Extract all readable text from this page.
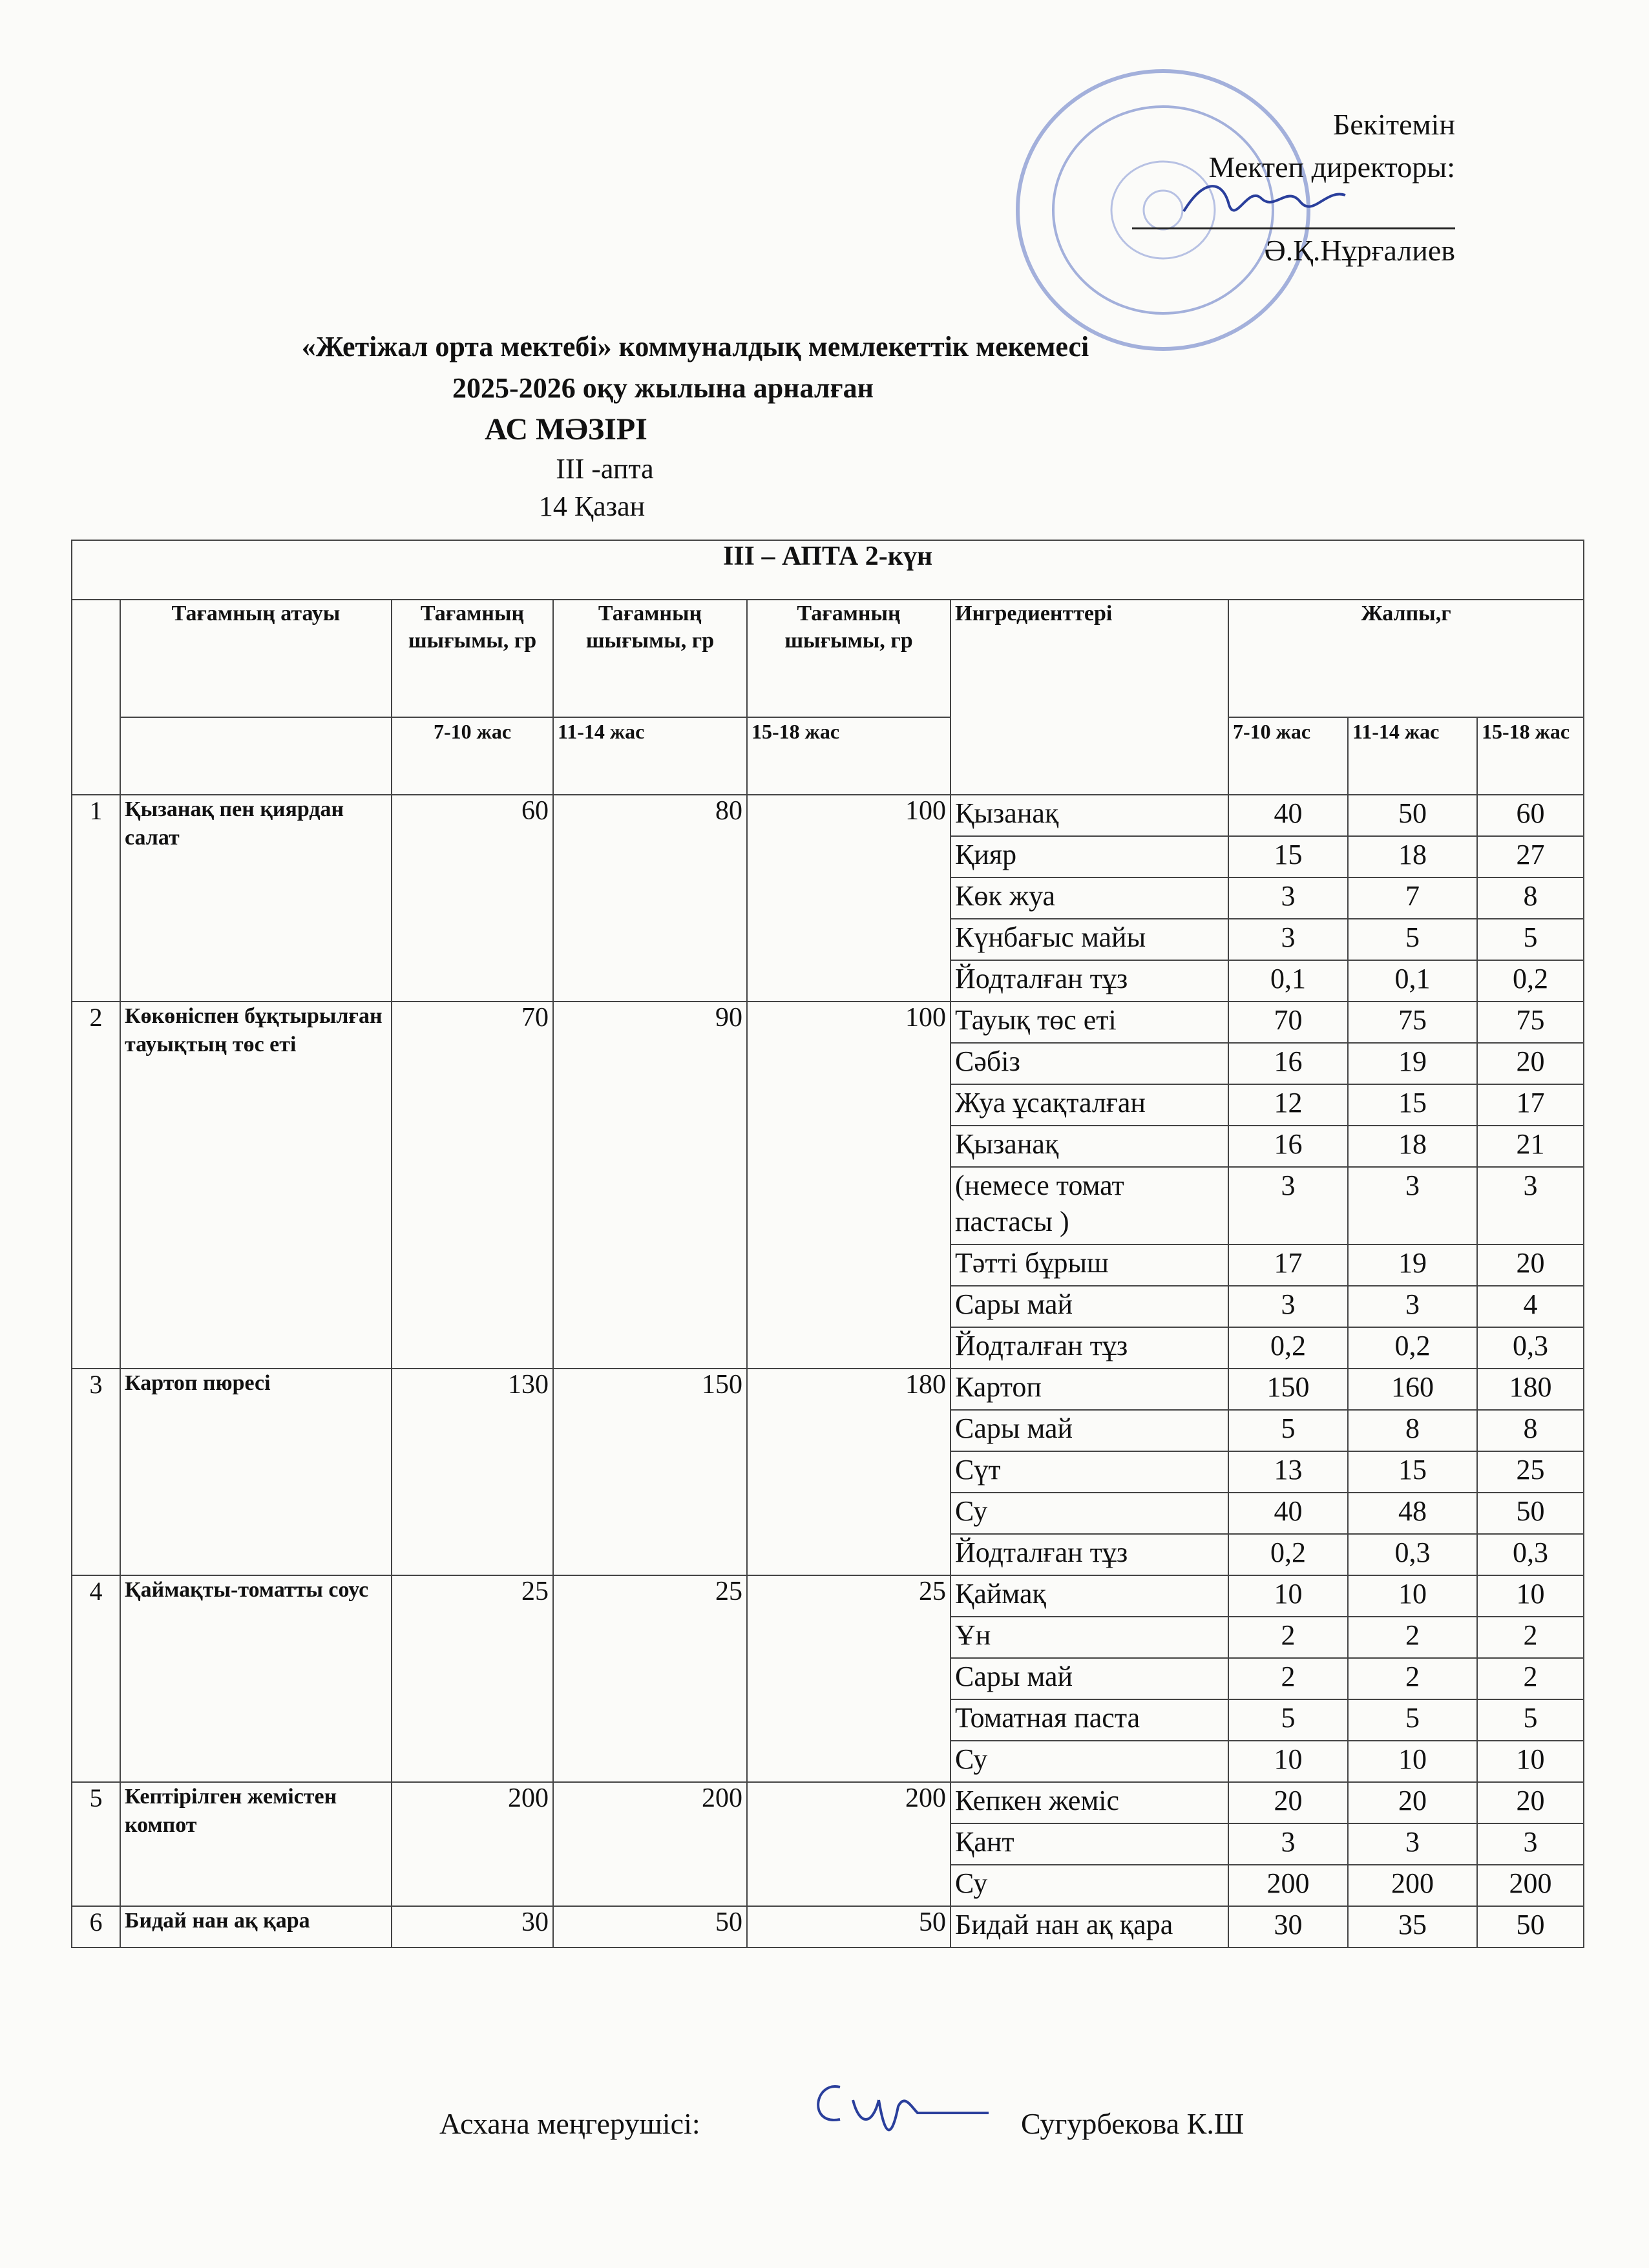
Бекітемін
Мектеп директоры:
Ә.Қ.Нұрғалиев
«Жетіжал орта мектебі» коммуналдық мемлекеттік мекемесі
2025-2026 оқу жылына арналған
АС МӘЗІРІ
III -апта
14 Қазан
III – АПТА 2-күн								
	Тағамның атауы	Тағамның шығымы, гр	Тағамның шығымы, гр	Тағамның шығымы, гр	Ингредиенттері	Жалпы,г		
		7-10 жас	11-14 жас	15-18 жас		7-10 жас	11-14 жас	15-18 жас
1	Қызанақ пен қиярдан салат	60	80	100	Қызанақ	40	50	60
					Қияр	15	18	27
					Көк жуа	3	7	8
					Күнбағыс майы	3	5	5
					Йодталған тұз	0,1	0,1	0,2
2	Көкөніспен бұқтырылған тауықтың төс еті	70	90	100	Тауық төс еті	70	75	75
					Сәбіз	16	19	20
					Жуа ұсақталған	12	15	17
					Қызанақ	16	18	21
					(немесе томат пастасы )	3	3	3
					Тәтті бұрыш	17	19	20
					Сары май	3	3	4
					Йодталған тұз	0,2	0,2	0,3
3	Картоп пюресі	130	150	180	Картоп	150	160	180
					Сары май	5	8	8
					Сүт	13	15	25
					Су	40	48	50
					Йодталған тұз	0,2	0,3	0,3
4	Қаймақты-томатты соус	25	25	25	Қаймақ	10	10	10
					Ұн	2	2	2
					Сары май	2	2	2
					Томатная паста	5	5	5
					Су	10	10	10
5	Кептірілген жемістен компот	200	200	200	Кепкен жеміс	20	20	20
					Қант	3	3	3
					Су	200	200	200
6	Бидай нан ақ қара	30	50	50	Бидай нан ақ қара	30	35	50
Асхана меңгерушісі:	Сугурбекова К.Ш
